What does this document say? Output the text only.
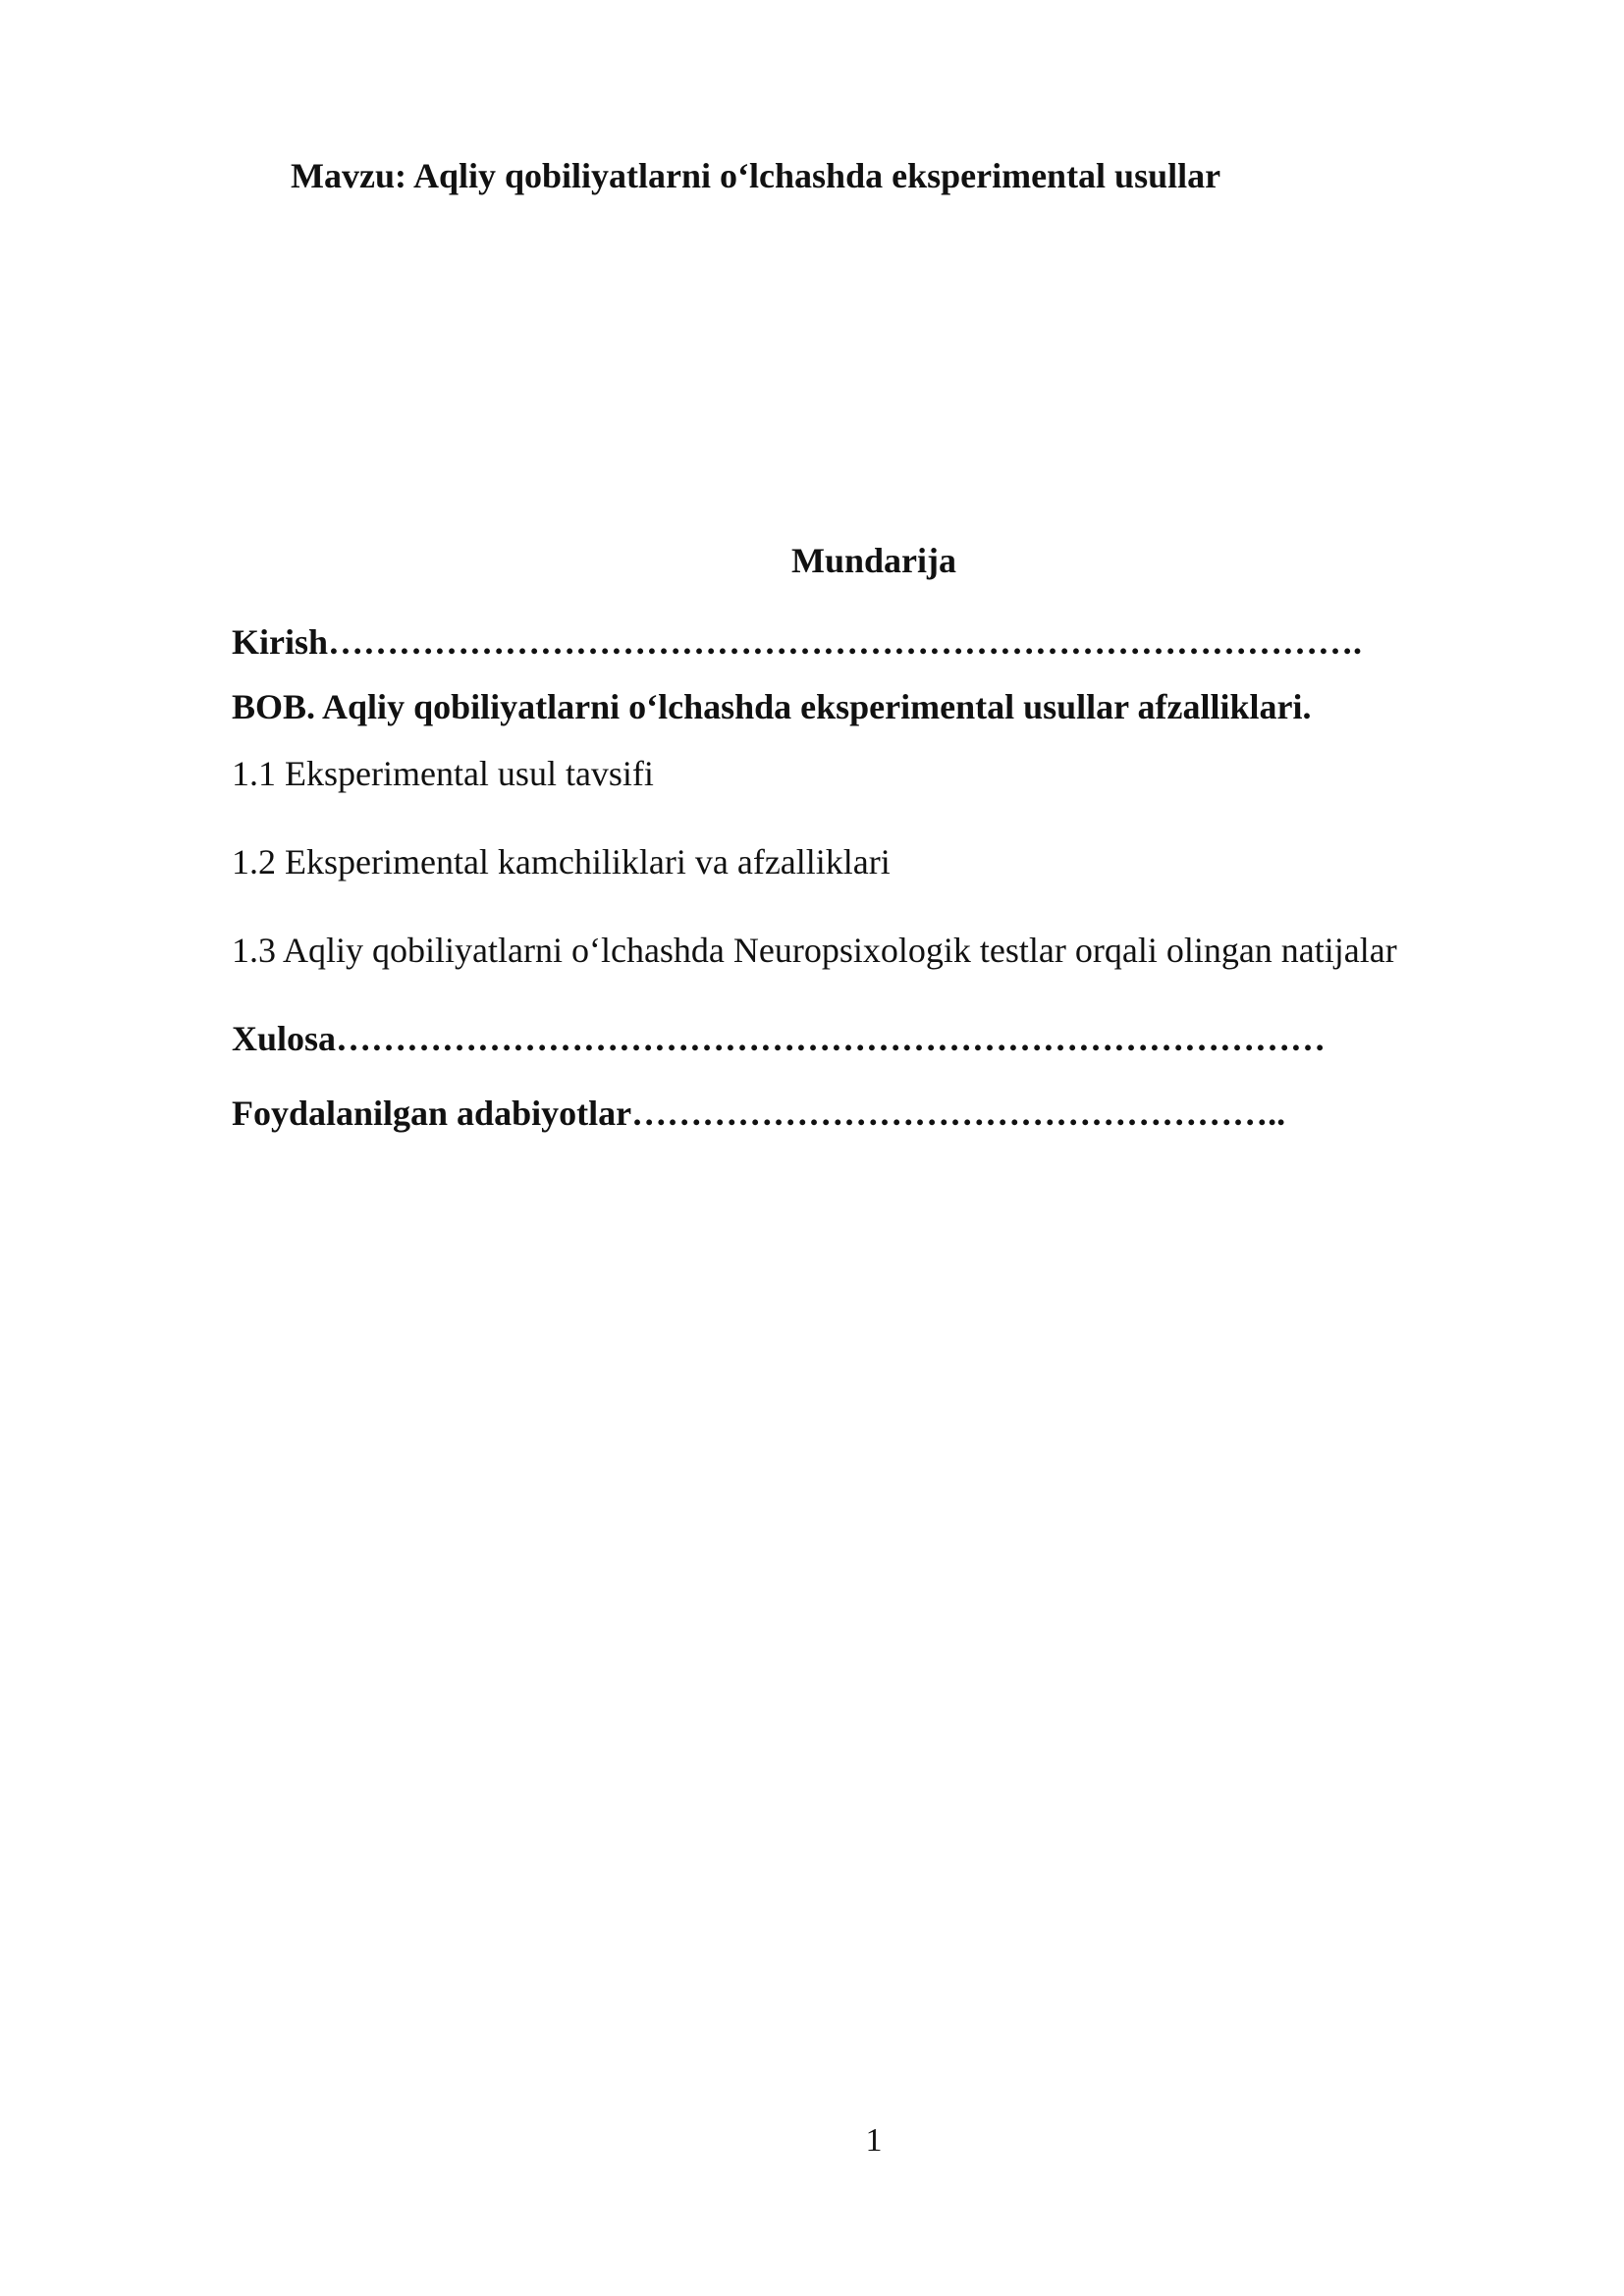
Mavzu: Aqliy qobiliyatlarni o‘lchashda eksperimental usullar
Mundarija
Kirish…………………………………………………………………………….
BOB. Aqliy qobiliyatlarni o‘lchashda eksperimental usullar afzalliklari.
1.1 Eksperimental usul tavsifi
1.2 Eksperimental kamchiliklari va afzalliklari
1.3 Aqliy qobiliyatlarni o‘lchashda Neuropsixologik testlar orqali olingan natijalar
Xulosa…………………………………………………………………………
Foydalanilgan adabiyotlar………………………………………………..

1
